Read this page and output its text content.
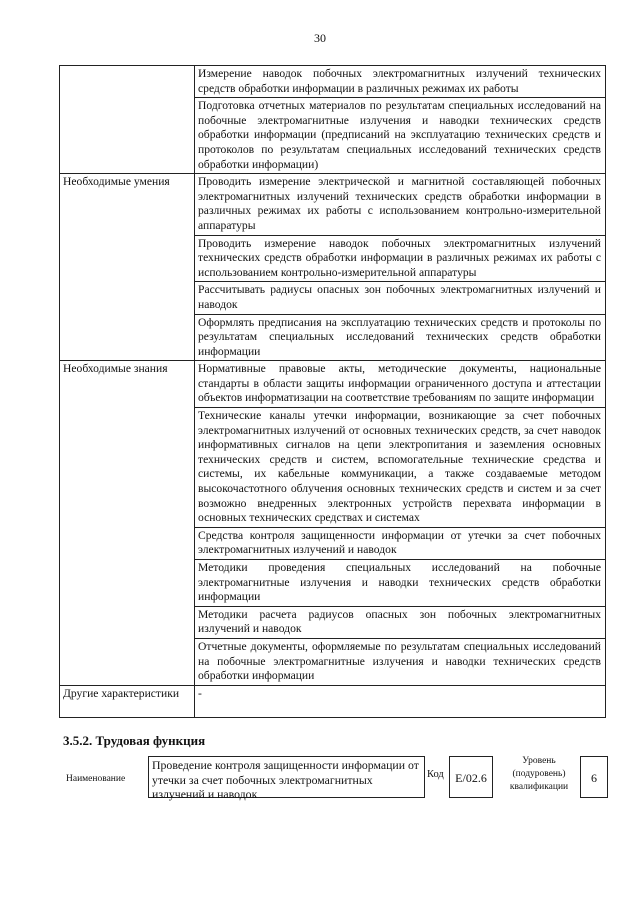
30
	Измерение наводок побочных электромагнитных излучений технических средств обработки информации в различных режимах их работы
	Подготовка отчетных материалов по результатам специальных исследований на побочные электромагнитные излучения и наводки технических средств обработки информации (предписаний на эксплуатацию технических средств и протоколов по результатам специальных исследований технических средств обработки информации)
Необходимые умения	Проводить измерение электрической и магнитной составляющей побочных электромагнитных излучений технических средств обработки информации в различных режимах их работы с использованием контрольно-измерительной аппаратуры
	Проводить измерение наводок побочных электромагнитных излучений технических средств обработки информации в различных режимах их работы с использованием контрольно-измерительной аппаратуры
	Рассчитывать радиусы опасных зон побочных электромагнитных излучений и наводок
	Оформлять предписания на эксплуатацию технических средств и протоколы по результатам специальных исследований технических средств обработки информации
Необходимые знания	Нормативные правовые акты, методические документы, национальные стандарты в области защиты информации ограниченного доступа и аттестации объектов информатизации на соответствие требованиям по защите информации
	Технические каналы утечки информации, возникающие за счет побочных электромагнитных излучений от основных технических средств, за счет наводок информативных сигналов на цепи электропитания и заземления основных технических средств и систем, вспомогательные технические средства и системы, их кабельные коммуникации, а также создаваемые методом высокочастотного облучения основных технических средств и систем и за счет возможно внедренных электронных устройств перехвата информации в основных технических средствах и системах
	Средства контроля защищенности информации от утечки за счет побочных электромагнитных излучений и наводок
	Методики проведения специальных исследований на побочные электромагнитные излучения и наводки технических средств обработки информации
	Методики расчета радиусов опасных зон побочных электромагнитных излучений и наводок
	Отчетные документы, оформляемые по результатам специальных исследований на побочные электромагнитные излучения и наводки технических средств обработки информации
Другие характеристики	-
3.5.2. Трудовая функция
Наименование
Проведение контроля защищенности информации от утечки за счет побочных электромагнитных излучений и наводок
Код E/02.6
Уровень (подуровень) квалификации
6
